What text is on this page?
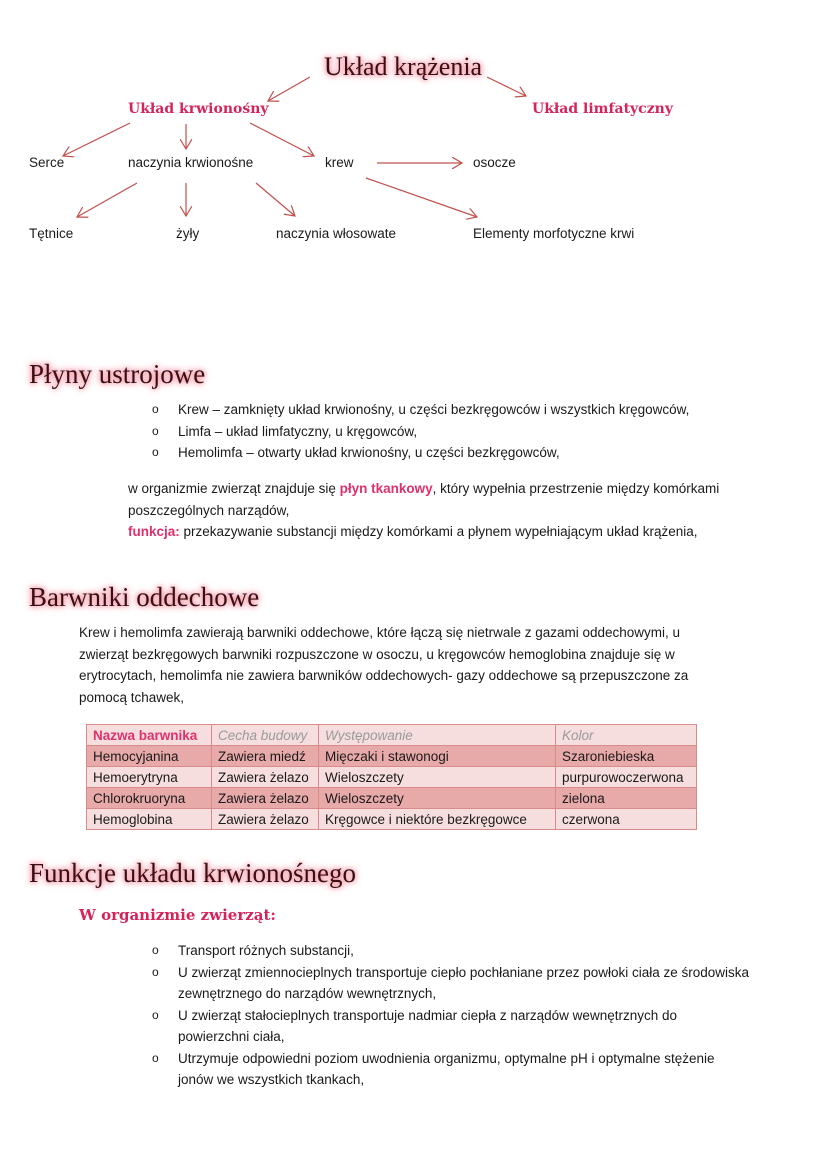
Układ krążenia
Układ krwionośny	Układ limfatyczny
Serce	naczynia krwionośne	krew	osocze
Tętnice	żyły	naczynia włosowate	Elementy morfotyczne krwi
Płyny ustrojowe
o Krew – zamknięty układ krwionośny, u części bezkręgowców i wszystkich kręgowców,
o Limfa – układ limfatyczny, u kręgowców,
o Hemolimfa – otwarty układ krwionośny, u części bezkręgowców,
w organizmie zwierząt znajduje się płyn tkankowy, który wypełnia przestrzenie między komórkami poszczególnych narządów,
funkcja: przekazywanie substancji między komórkami a płynem wypełniającym układ krążenia,
Barwniki oddechowe
Krew i hemolimfa zawierają barwniki oddechowe, które łączą się nietrwale z gazami oddechowymi, u zwierząt bezkręgowych barwniki rozpuszczone w osoczu, u kręgowców hemoglobina znajduje się w erytrocytach, hemolimfa nie zawiera barwników oddechowych- gazy oddechowe są przepuszczone za pomocą tchawek,
Nazwa barwnika	Cecha budowy	Występowanie	Kolor
Hemocyjanina	Zawiera miedź	Mięczaki i stawonogi	Szaroniebieska
Hemoerytryna	Zawiera żelazo	Wieloszczety	purpurowoczerwona
Chlorokruoryna	Zawiera żelazo	Wieloszczety	zielona
Hemoglobina	Zawiera żelazo	Kręgowce i niektóre bezkręgowce	czerwona
Funkcje układu krwionośnego
W organizmie zwierząt:
o Transport różnych substancji,
o U zwierząt zmiennocieplnych transportuje ciepło pochłaniane przez powłoki ciała ze środowiska zewnętrznego do narządów wewnętrznych,
o U zwierząt stałocieplnych transportuje nadmiar ciepła z narządów wewnętrznych do powierzchni ciała,
o Utrzymuje odpowiedni poziom uwodnienia organizmu, optymalne pH i optymalne stężenie jonów we wszystkich tkankach,
